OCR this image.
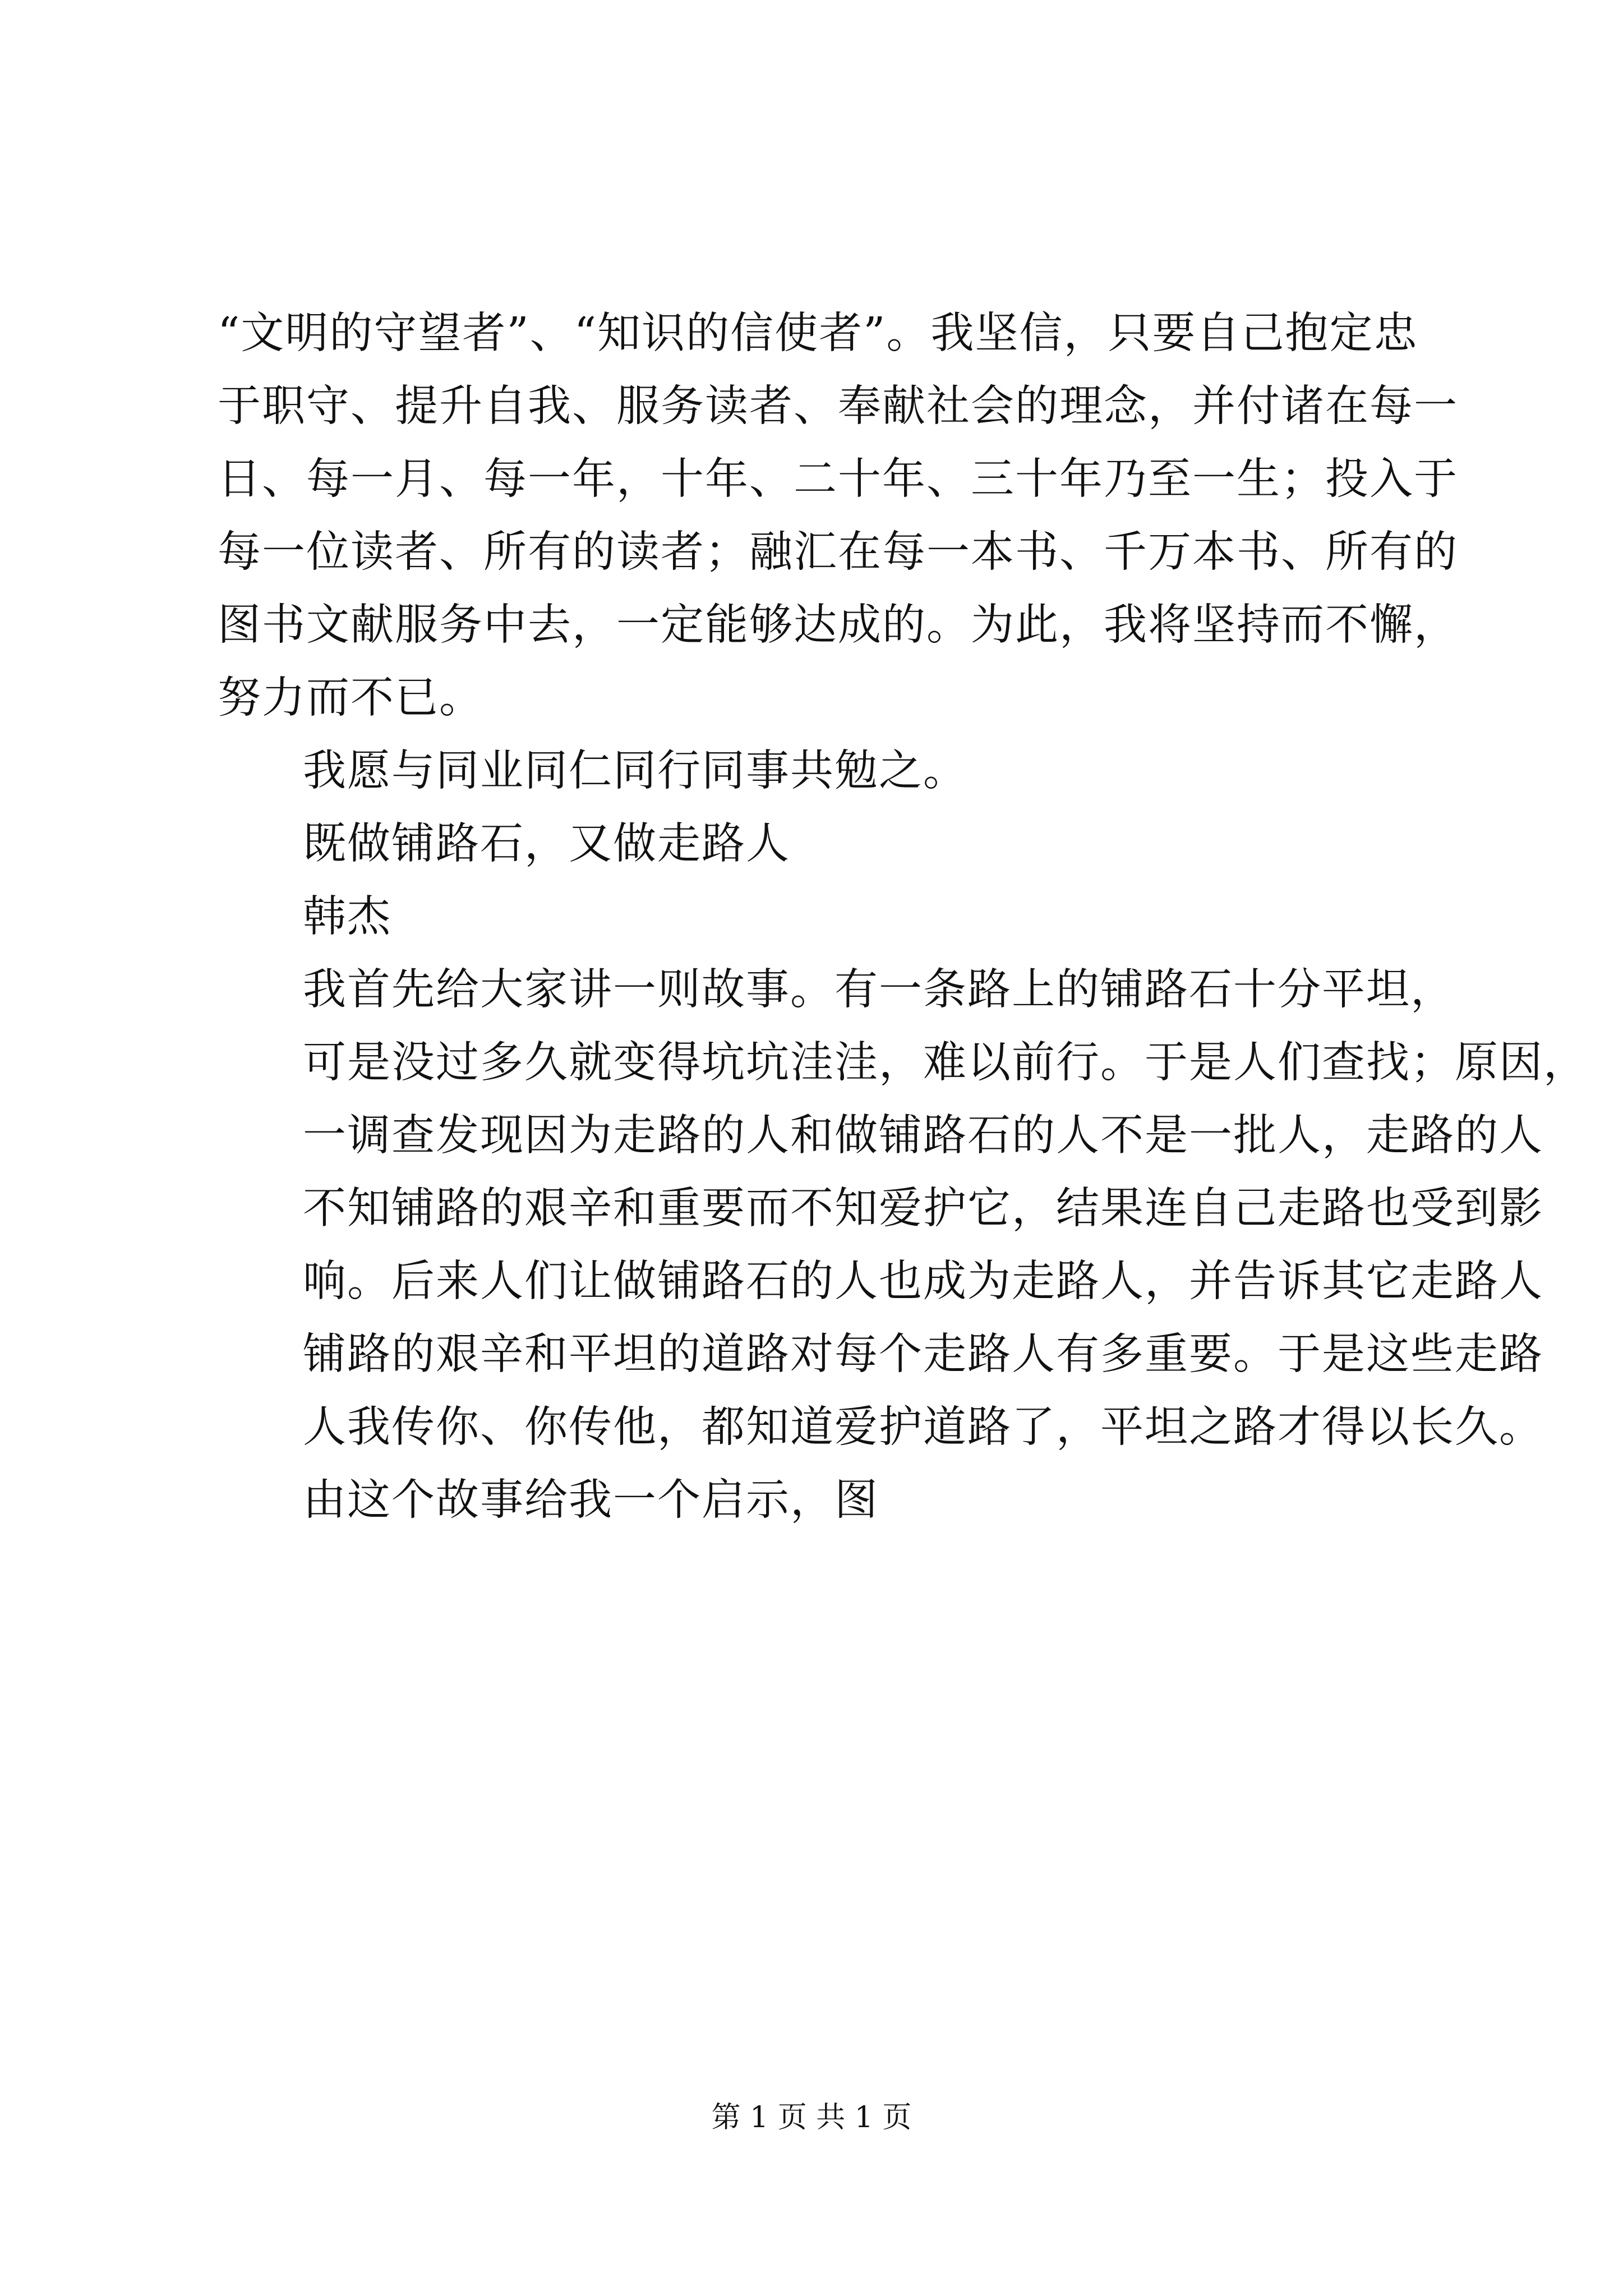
“文明的守望者”、“知识的信使者”。我坚信，只要自己抱定忠
于职守、提升自我、服务读者、奉献社会的理念，并付诸在每一
日、每一月、每一年，十年、二十年、三十年乃至一生；投入于
每一位读者、所有的读者；融汇在每一本书、千万本书、所有的
图书文献服务中去，一定能够达成的。为此，我将坚持而不懈，
努力而不已。

我愿与同业同仁同行同事共勉之。

既做铺路石，又做走路人

韩杰

我首先给大家讲一则故事。有一条路上的铺路石十分平坦，
可是没过多久就变得坑坑洼洼，难以前行。于是人们查找；原因，
一调查发现因为走路的人和做铺路石的人不是一批人，走路的人
不知铺路的艰辛和重要而不知爱护它，结果连自己走路也受到影
响。后来人们让做铺路石的人也成为走路人，并告诉其它走路人
铺路的艰辛和平坦的道路对每个走路人有多重要。于是这些走路
人我传你、你传他，都知道爱护道路了，平坦之路才得以长久。

由这个故事给我一个启示，图

第 1 页 共 1 页
